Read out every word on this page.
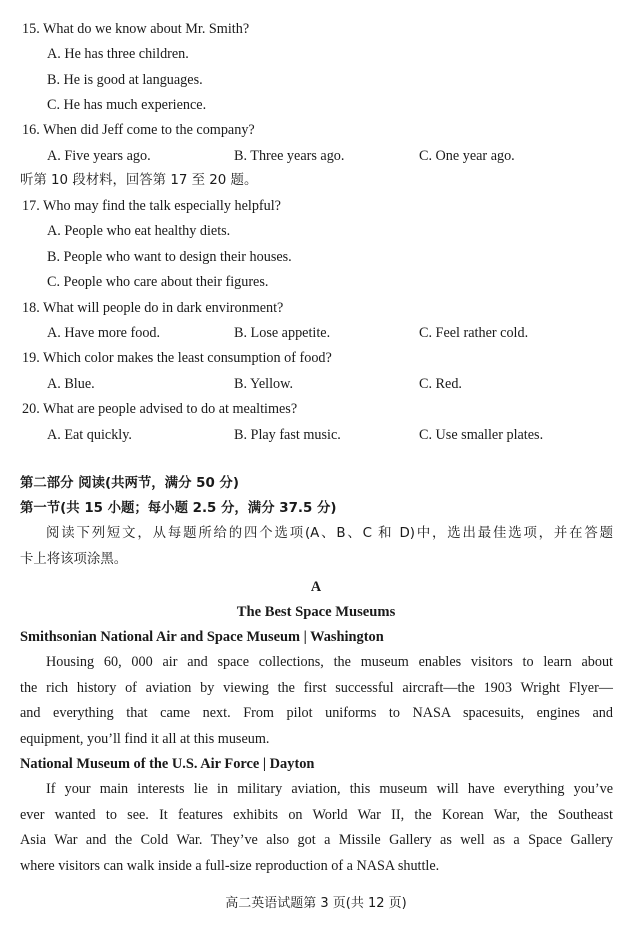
15. What do we know about Mr. Smith?
A. He has three children.
B. He is good at languages.
C. He has much experience.
16. When did Jeff come to the company?
A. Five years ago.	B. Three years ago.	C. One year ago.
听第 10 段材料，回答第 17 至 20 题。
17. Who may find the talk especially helpful?
A. People who eat healthy diets.
B. People who want to design their houses.
C. People who care about their figures.
18. What will people do in dark environment?
A. Have more food.	B. Lose appetite.	C. Feel rather cold.
19. Which color makes the least consumption of food?
A. Blue.	B. Yellow.	C. Red.
20. What are people advised to do at mealtimes?
A. Eat quickly.	B. Play fast music.	C. Use smaller plates.
第二部分 阅读(共两节，满分 50 分)
第一节(共 15 小题；每小题 2.5 分，满分 37.5 分)
阅读下列短文，从每题所给的四个选项(A、B、C 和 D)中，选出最佳选项，并在答题
卡上将该项涂黑。
A
The Best Space Museums
Smithsonian National Air and Space Museum | Washington
Housing 60, 000 air and space collections, the museum enables visitors to learn about
the rich history of aviation by viewing the first successful aircraft—the 1903 Wright Flyer—
and everything that came next. From pilot uniforms to NASA spacesuits, engines and
equipment, you’ll find it all at this museum.
National Museum of the U.S. Air Force | Dayton
If your main interests lie in military aviation, this museum will have everything you’ve
ever wanted to see. It features exhibits on World War II, the Korean War, the Southeast
Asia War and the Cold War. They’ve also got a Missile Gallery as well as a Space Gallery
where visitors can walk inside a full-size reproduction of a NASA shuttle.
高二英语试题第 3 页(共 12 页)
